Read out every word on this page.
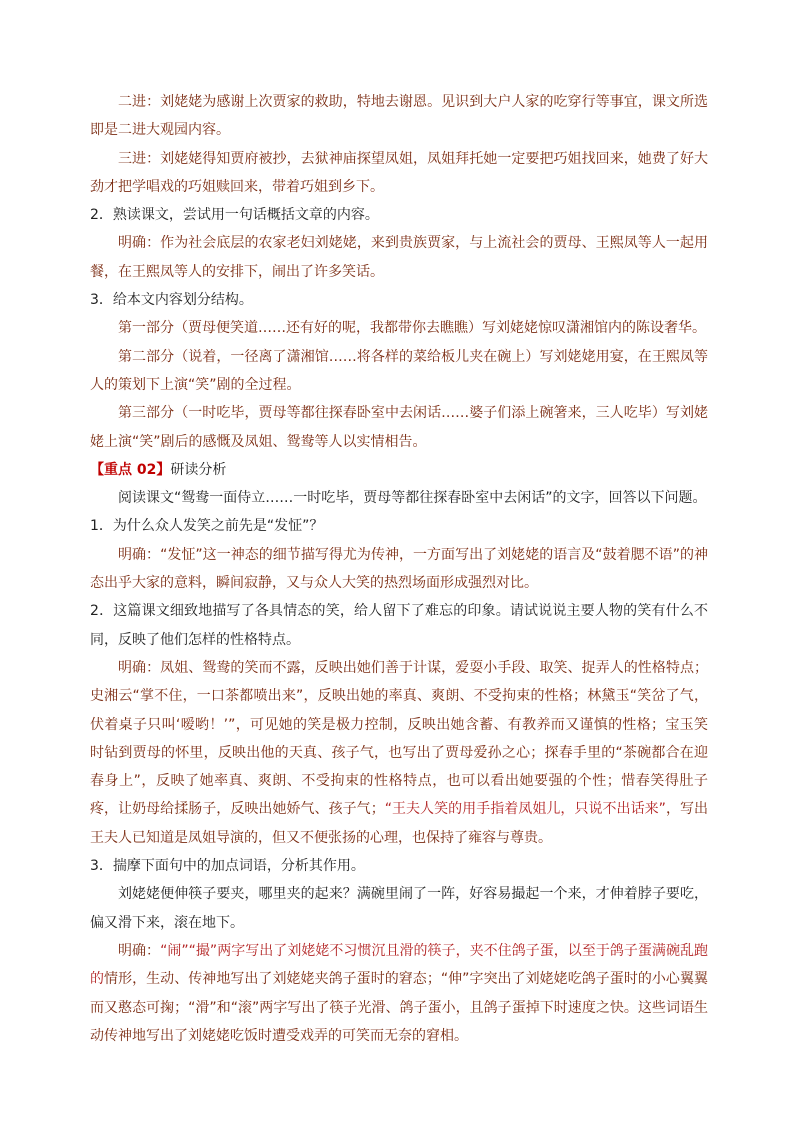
二进：刘姥姥为感谢上次贾家的救助，特地去谢恩。见识到大户人家的吃穿行等事宜，课文所选即是二进大观园内容。

三进：刘姥姥得知贾府被抄，去狱神庙探望凤姐，凤姐拜托她一定要把巧姐找回来，她费了好大劲才把学唱戏的巧姐赎回来，带着巧姐到乡下。

2．熟读课文，尝试用一句话概括文章的内容。

明确：作为社会底层的农家老妇刘姥姥，来到贵族贾家，与上流社会的贾母、王熙凤等人一起用餐，在王熙凤等人的安排下，闹出了许多笑话。

3．给本文内容划分结构。

第一部分（贾母便笑道……还有好的呢，我都带你去瞧瞧）写刘姥姥惊叹潇湘馆内的陈设奢华。

第二部分（说着，一径离了潇湘馆……将各样的菜给板儿夹在碗上）写刘姥姥用宴，在王熙凤等人的策划下上演“笑”剧的全过程。

第三部分（一时吃毕，贾母等都往探春卧室中去闲话……婆子们添上碗箸来，三人吃毕）写刘姥姥上演“笑”剧后的感慨及凤姐、鸳鸯等人以实情相告。

【重点 02】研读分析

阅读课文“鸳鸯一面侍立……一时吃毕，贾母等都往探春卧室中去闲话”的文字，回答以下问题。

1．为什么众人发笑之前先是“发怔”？

明确：“发怔”这一神态的细节描写得尤为传神，一方面写出了刘姥姥的语言及“鼓着腮不语”的神态出乎大家的意料，瞬间寂静，又与众人大笑的热烈场面形成强烈对比。

2．这篇课文细致地描写了各具情态的笑，给人留下了难忘的印象。请试说说主要人物的笑有什么不同，反映了他们怎样的性格特点。

明确：凤姐、鸳鸯的笑而不露，反映出她们善于计谋，爱耍小手段、取笑、捉弄人的性格特点；史湘云“掌不住，一口茶都喷出来”，反映出她的率真、爽朗、不受拘束的性格；林黛玉“笑岔了气，伏着桌子只叫‘嗳哟！’”，可见她的笑是极力控制，反映出她含蓄、有教养而又谨慎的性格；宝玉笑时钻到贾母的怀里，反映出他的天真、孩子气，也写出了贾母爱孙之心；探春手里的“茶碗都合在迎春身上”，反映了她率真、爽朗、不受拘束的性格特点，也可以看出她要强的个性；惜春笑得肚子疼，让奶母给揉肠子，反映出她娇气、孩子气；“王夫人笑的用手指着凤姐儿，只说不出话来”，写出王夫人已知道是凤姐导演的，但又不便张扬的心理，也保持了雍容与尊贵。

3．揣摩下面句中的加点词语，分析其作用。

刘姥姥便伸筷子要夹，哪里夹的起来？满碗里闹了一阵，好容易撮起一个来，才伸着脖子要吃，偏又滑下来，滚在地下。

明确：“闹”“撮”两字写出了刘姥姥不习惯沉且滑的筷子，夹不住鸽子蛋，以至于鸽子蛋满碗乱跑的情形，生动、传神地写出了刘姥姥夹鸽子蛋时的窘态；“伸”字突出了刘姥姥吃鸽子蛋时的小心翼翼而又憨态可掬；“滑”和“滚”两字写出了筷子光滑、鸽子蛋小，且鸽子蛋掉下时速度之快。这些词语生动传神地写出了刘姥姥吃饭时遭受戏弄的可笑而无奈的窘相。
